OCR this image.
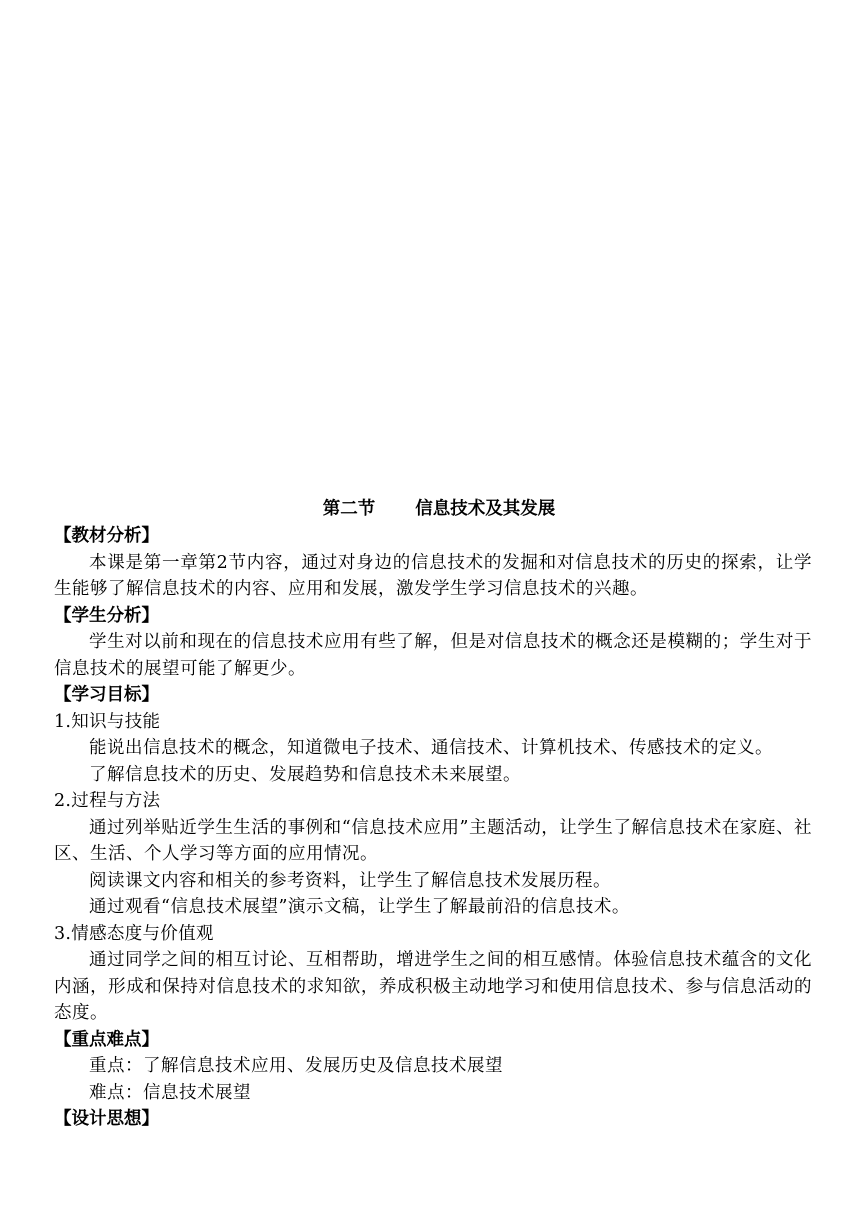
第二节 信息技术及其发展
【教材分析】

本课是第一章第2节内容，通过对身边的信息技术的发掘和对信息技术的历史的探索，让学生能够了解信息技术的内容、应用和发展，激发学生学习信息技术的兴趣。

【学生分析】

学生对以前和现在的信息技术应用有些了解，但是对信息技术的概念还是模糊的；学生对于信息技术的展望可能了解更少。

【学习目标】
1.知识与技能

能说出信息技术的概念，知道微电子技术、通信技术、计算机技术、传感技术的定义。

了解信息技术的历史、发展趋势和信息技术未来展望。

2.过程与方法

通过列举贴近学生生活的事例和“信息技术应用”主题活动，让学生了解信息技术在家庭、社区、生活、个人学习等方面的应用情况。

阅读课文内容和相关的参考资料，让学生了解信息技术发展历程。

通过观看“信息技术展望”演示文稿，让学生了解最前沿的信息技术。

3.情感态度与价值观

通过同学之间的相互讨论、互相帮助，增进学生之间的相互感情。体验信息技术蕴含的文化内涵，形成和保持对信息技术的求知欲，养成积极主动地学习和使用信息技术、参与信息活动的态度。

【重点难点】

重点：了解信息技术应用、发展历史及信息技术展望

难点：信息技术展望

【设计思想】
